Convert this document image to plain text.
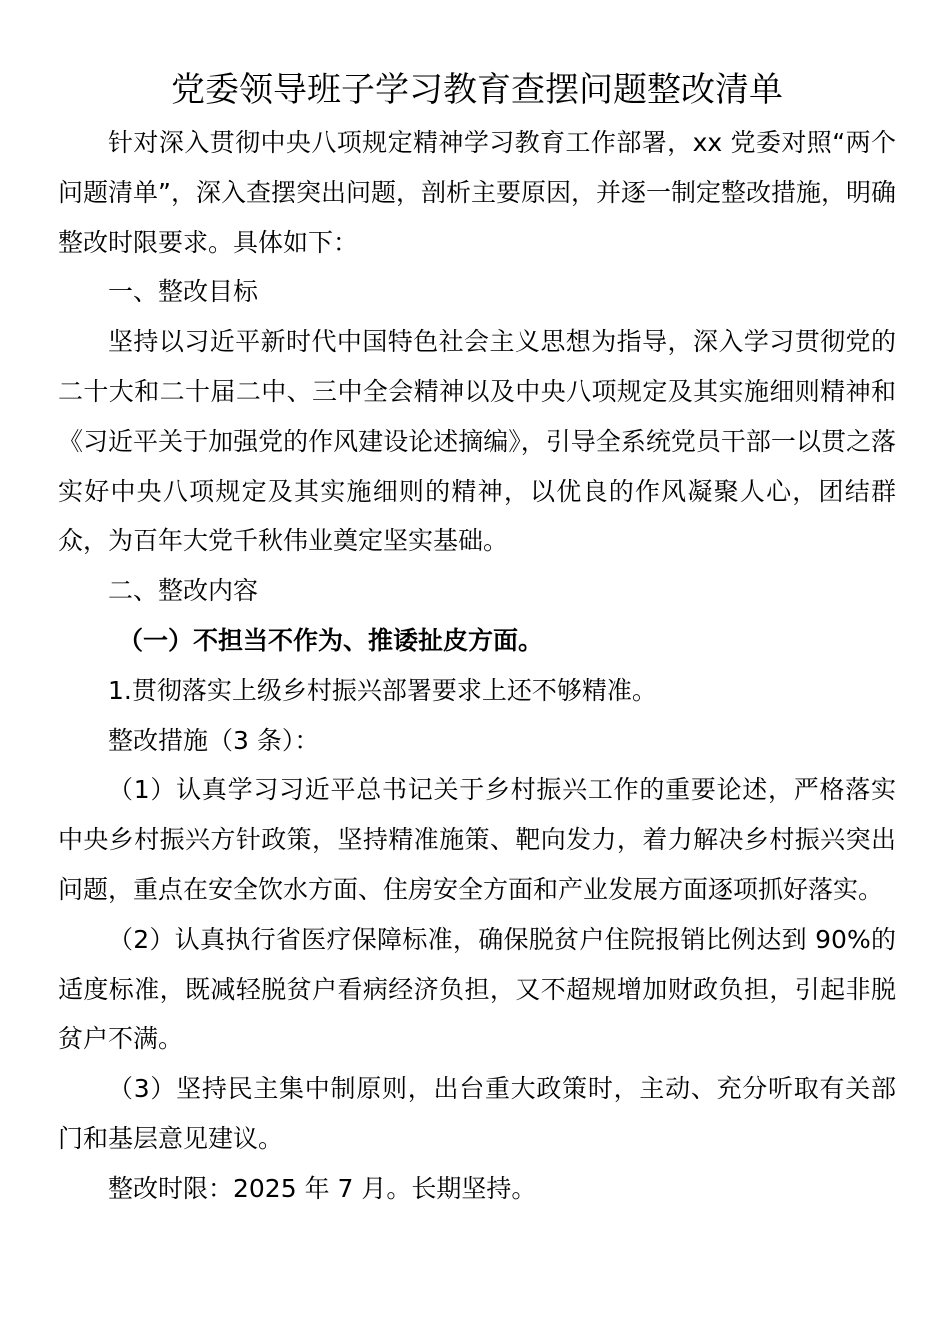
党委领导班子学习教育查摆问题整改清单

针对深入贯彻中央八项规定精神学习教育工作部署，xx 党委对照“两个问题清单”，深入查摆突出问题，剖析主要原因，并逐一制定整改措施，明确整改时限要求。具体如下：

一、整改目标

坚持以习近平新时代中国特色社会主义思想为指导，深入学习贯彻党的二十大和二十届二中、三中全会精神以及中央八项规定及其实施细则精神和《习近平关于加强党的作风建设论述摘编》，引导全系统党员干部一以贯之落实好中央八项规定及其实施细则的精神，以优良的作风凝聚人心，团结群众，为百年大党千秋伟业奠定坚实基础。

二、整改内容

（一）不担当不作为、推诿扯皮方面。

1.贯彻落实上级乡村振兴部署要求上还不够精准。

整改措施（3 条）：

（1）认真学习习近平总书记关于乡村振兴工作的重要论述，严格落实中央乡村振兴方针政策，坚持精准施策、靶向发力，着力解决乡村振兴突出问题，重点在安全饮水方面、住房安全方面和产业发展方面逐项抓好落实。

（2）认真执行省医疗保障标准，确保脱贫户住院报销比例达到 90%的适度标准，既减轻脱贫户看病经济负担，又不超规增加财政负担，引起非脱贫户不满。

（3）坚持民主集中制原则，出台重大政策时，主动、充分听取有关部门和基层意见建议。

整改时限：2025 年 7 月。长期坚持。
